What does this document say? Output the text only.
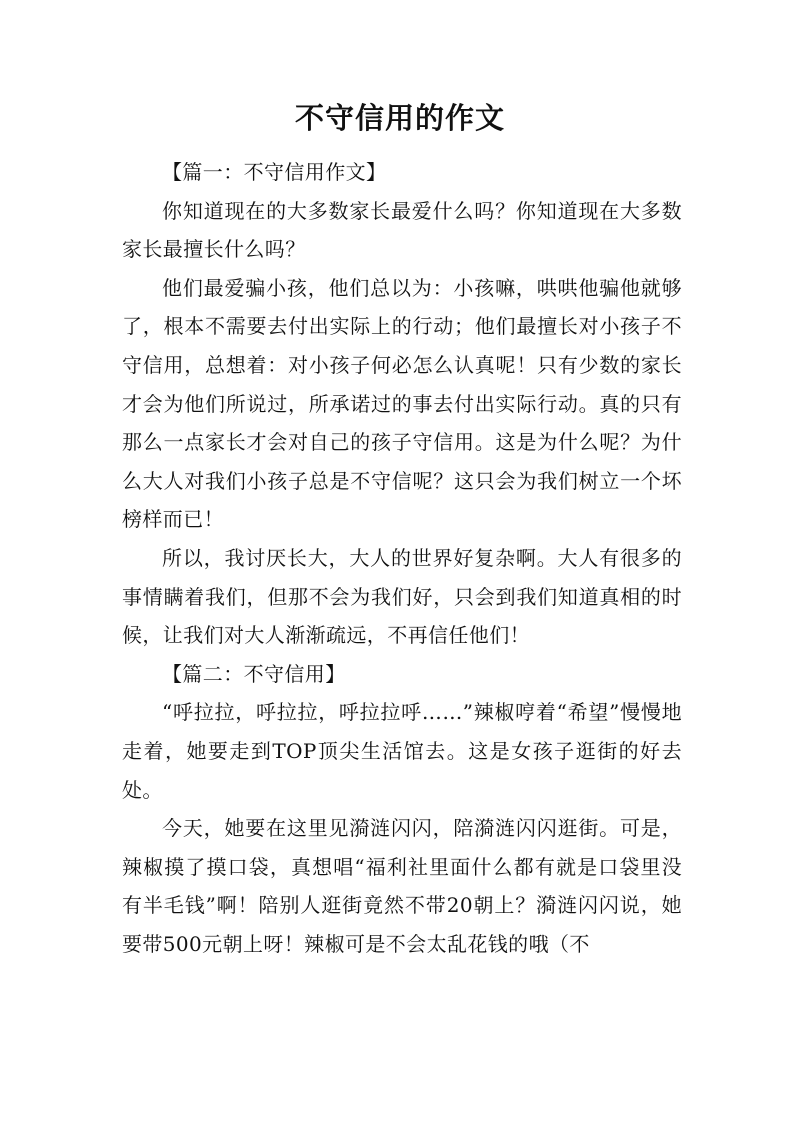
不守信用的作文

【篇一：不守信用作文】

你知道现在的大多数家长最爱什么吗？你知道现在大多数家长最擅长什么吗？

他们最爱骗小孩，他们总以为：小孩嘛，哄哄他骗他就够了，根本不需要去付出实际上的行动；他们最擅长对小孩子不守信用，总想着：对小孩子何必怎么认真呢！只有少数的家长才会为他们所说过，所承诺过的事去付出实际行动。真的只有那么一点家长才会对自己的孩子守信用。这是为什么呢？为什么大人对我们小孩子总是不守信呢？这只会为我们树立一个坏榜样而已！

所以，我讨厌长大，大人的世界好复杂啊。大人有很多的事情瞒着我们，但那不会为我们好，只会到我们知道真相的时候，让我们对大人渐渐疏远，不再信任他们！

【篇二：不守信用】

“呼拉拉，呼拉拉，呼拉拉呼……”辣椒哼着“希望”慢慢地走着，她要走到TOP顶尖生活馆去。这是女孩子逛街的好去处。

今天，她要在这里见漪涟闪闪，陪漪涟闪闪逛街。可是，辣椒摸了摸口袋，真想唱“福利社里面什么都有就是口袋里没有半毛钱”啊！陪别人逛街竟然不带20朝上？漪涟闪闪说，她要带500元朝上呀！辣椒可是不会太乱花钱的哦（不
